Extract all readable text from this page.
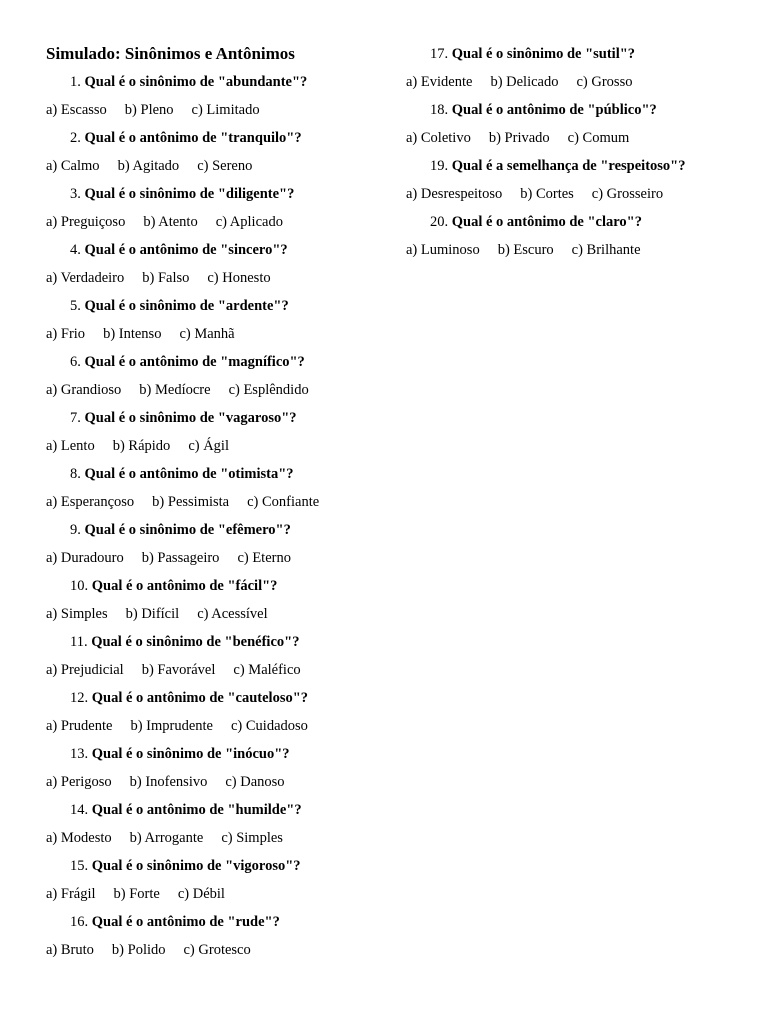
Simulado: Sinônimos e Antônimos
1. Qual é o sinônimo de "abundante"?
a) Escasso b) Pleno c) Limitado
2. Qual é o antônimo de "tranquilo"?
a) Calmo b) Agitado c) Sereno
3. Qual é o sinônimo de "diligente"?
a) Preguiçoso b) Atento c) Aplicado
4. Qual é o antônimo de "sincero"?
a) Verdadeiro b) Falso c) Honesto
5. Qual é o sinônimo de "ardente"?
a) Frio b) Intenso c) Manhã
6. Qual é o antônimo de "magnífico"?
a) Grandioso b) Medíocre c) Esplêndido
7. Qual é o sinônimo de "vagaroso"?
a) Lento b) Rápido c) Ágil
8. Qual é o antônimo de "otimista"?
a) Esperançoso b) Pessimista c) Confiante
9. Qual é o sinônimo de "efêmero"?
a) Duradouro b) Passageiro c) Eterno
10. Qual é o antônimo de "fácil"?
a) Simples b) Difícil c) Acessível
11. Qual é o sinônimo de "benéfico"?
a) Prejudicial b) Favorável c) Maléfico
12. Qual é o antônimo de "cauteloso"?
a) Prudente b) Imprudente c) Cuidadoso
13. Qual é o sinônimo de "inócuo"?
a) Perigoso b) Inofensivo c) Danoso
14. Qual é o antônimo de "humilde"?
a) Modesto b) Arrogante c) Simples
15. Qual é o sinônimo de "vigoroso"?
a) Frágil b) Forte c) Débil
16. Qual é o antônimo de "rude"?
a) Bruto b) Polido c) Grotesco
17. Qual é o sinônimo de "sutil"?
a) Evidente b) Delicado c) Grosso
18. Qual é o antônimo de "público"?
a) Coletivo b) Privado c) Comum
19. Qual é a semelhança de "respeitoso"?
a) Desrespeitoso b) Cortes c) Grosseiro
20. Qual é o antônimo de "claro"?
a) Luminoso b) Escuro c) Brilhante
